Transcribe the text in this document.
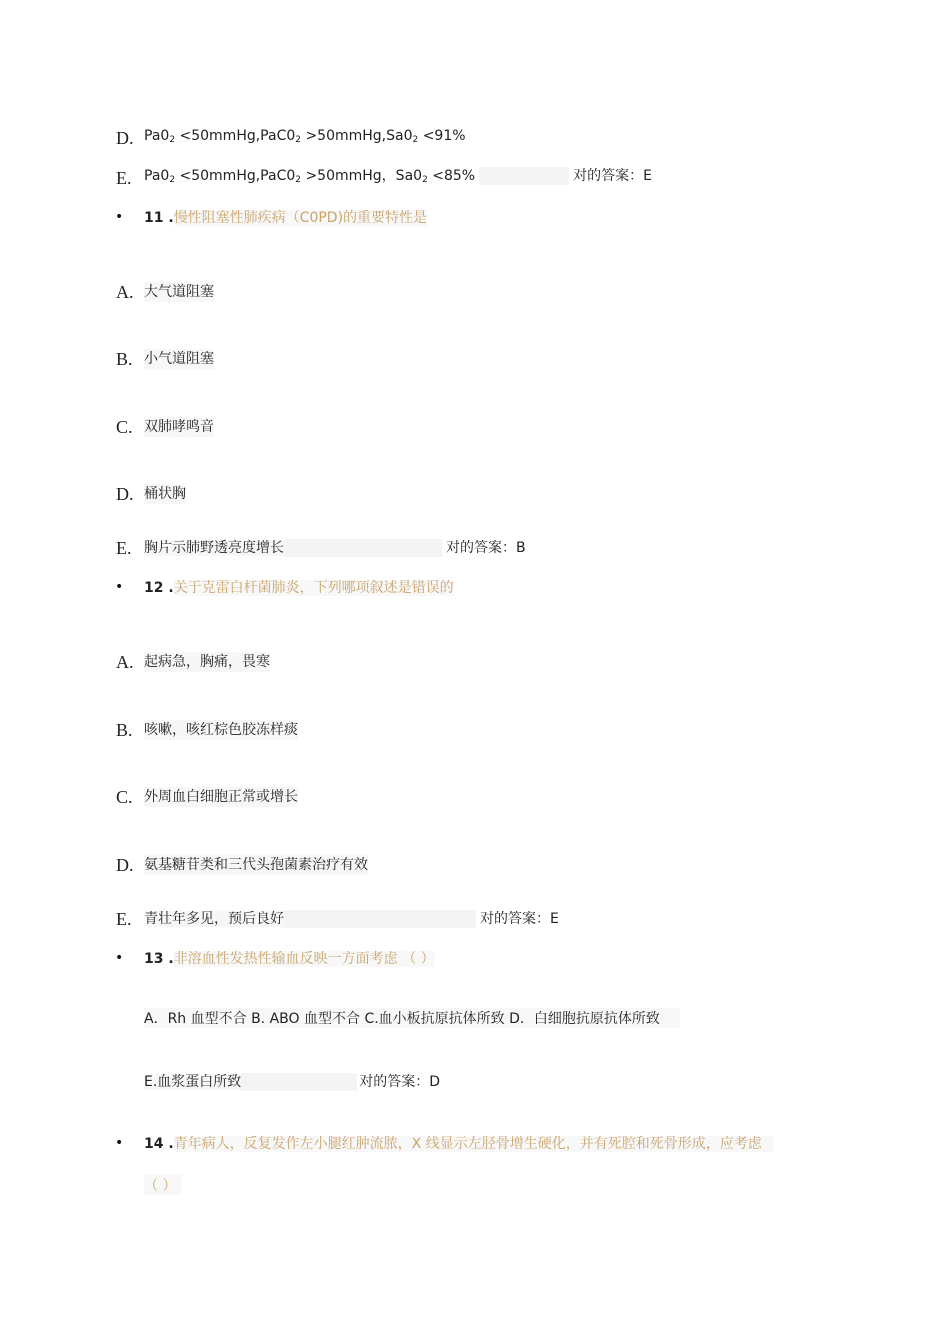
D. $Pa0_2$ $<50mmHg,PaC0_2$ $>50mmHg,Sa0_2 <91\%$
E. $Pa0_2$ $<50mmHg,PaC0_2$ >50mmHg，$Sa0_2 <85\%$	对的答案：E
• 11 .慢性阻塞性肺疾病（C0PD)的重要特性是
A. 大气道阻塞
B. 小气道阻塞
C. 双肺哮鸣音
D. 桶状胸
E. 胸片示肺野透亮度增长	对的答案：B
• 12 .关于克雷白杆菌肺炎，下列哪项叙述是错误的
A. 起病急，胸痛，畏寒
B. 咳嗽，咳红棕色胶冻样痰
C. 外周血白细胞正常或增长
D. 氨基糖苷类和三代头孢菌素治疗有效
E. 青壮年多见，预后良好	对的答案：E
• 13 .非溶血性发热性输血反映一方面考虑 （ ）
A．Rh 血型不合 B. ABO 血型不合 C.血小板抗原抗体所致 D．白细胞抗原抗体所致
E.血浆蛋白所致	对的答案：D
• 14 .青年病人，反复发作左小腿红肿流脓，X 线显示左胫骨增生硬化，并有死腔和死骨形成，应考虑
（ ）
